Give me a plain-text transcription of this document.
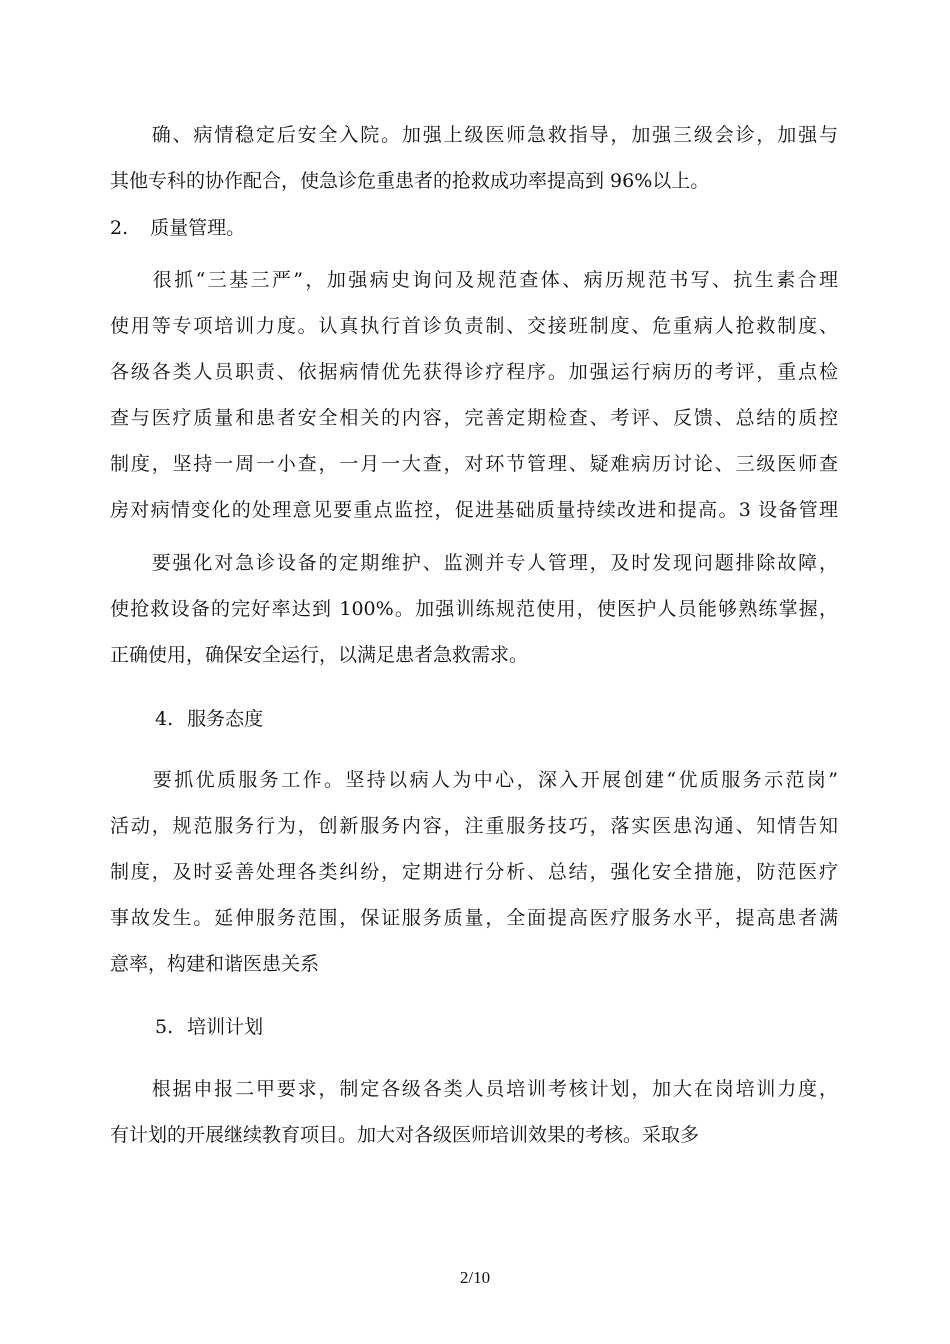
　　确、病情稳定后安全入院。加强上级医师急救指导，加强三级会诊，加强与
其他专科的协作配合，使急诊危重患者的抢救成功率提高到 96%以上。
2. 质量管理。
　　很抓“三基三严”，加强病史询问及规范查体、病历规范书写、抗生素合理
使用等专项培训力度。认真执行首诊负责制、交接班制度、危重病人抢救制度、
各级各类人员职责、依据病情优先获得诊疗程序。加强运行病历的考评，重点检
查与医疗质量和患者安全相关的内容，完善定期检查、考评、反馈、总结的质控
制度，坚持一周一小查，一月一大查，对环节管理、疑难病历讨论、三级医师查
房对病情变化的处理意见要重点监控，促进基础质量持续改进和提高。3 设备管理
　　要强化对急诊设备的定期维护、监测并专人管理，及时发现问题排除故障，
使抢救设备的完好率达到 100%。加强训练规范使用，使医护人员能够熟练掌握，
正确使用，确保安全运行，以满足患者急救需求。
4. 服务态度
　　要抓优质服务工作。坚持以病人为中心，深入开展创建“优质服务示范岗”
活动，规范服务行为，创新服务内容，注重服务技巧，落实医患沟通、知情告知
制度，及时妥善处理各类纠纷，定期进行分析、总结，强化安全措施，防范医疗
事故发生。延伸服务范围，保证服务质量，全面提高医疗服务水平，提高患者满
意率，构建和谐医患关系
5. 培训计划
　　根据申报二甲要求，制定各级各类人员培训考核计划，加大在岗培训力度，
有计划的开展继续教育项目。加大对各级医师培训效果的考核。采取多
2/10
